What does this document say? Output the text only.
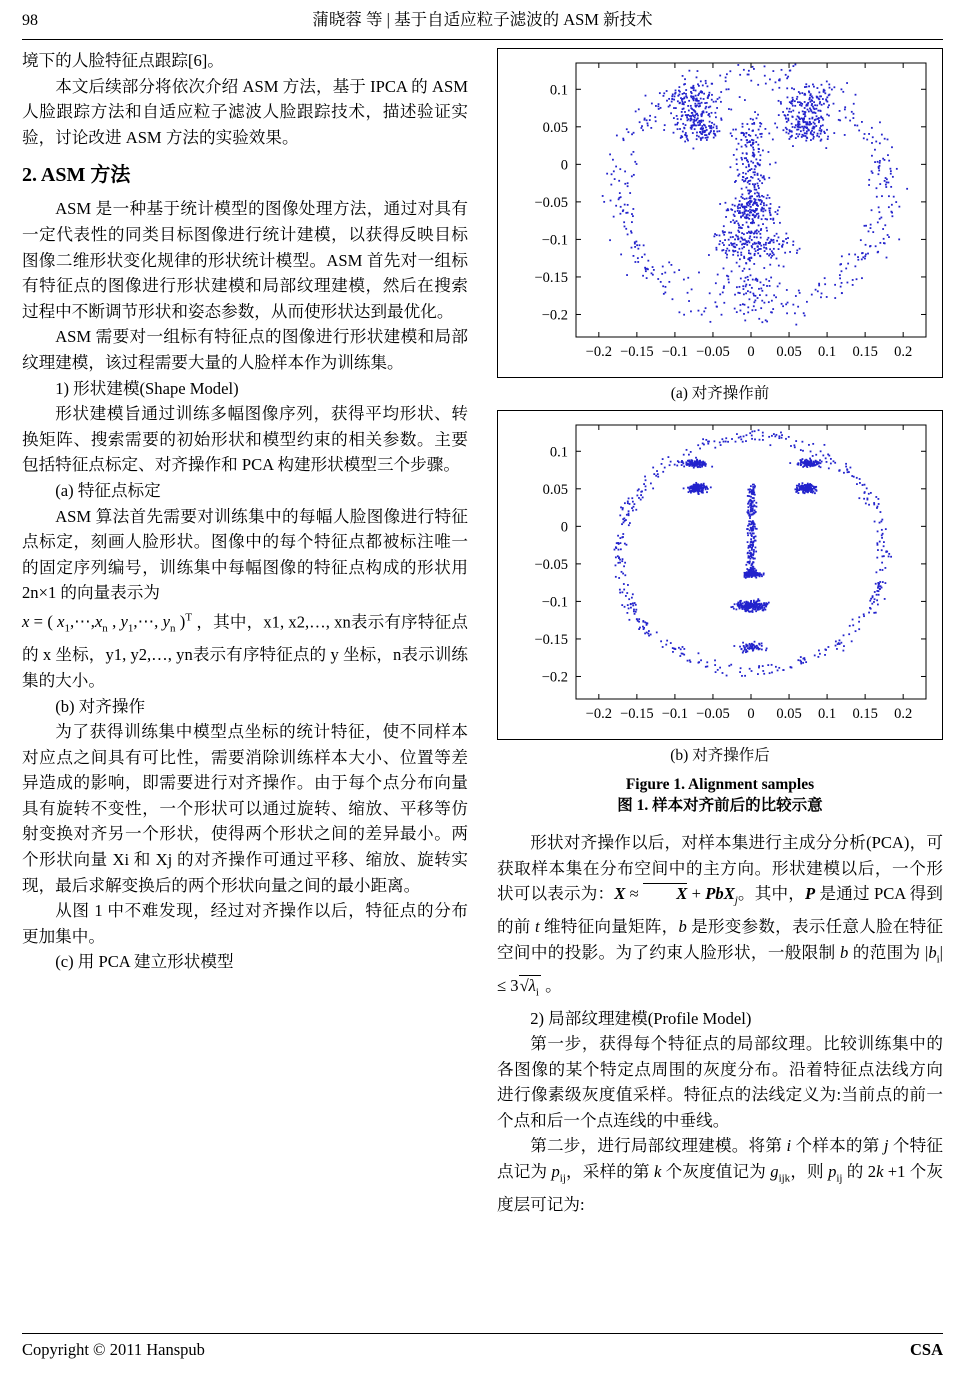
98	蒲晓蓉 等 | 基于自适应粒子滤波的 ASM 新技术

境下的人脸特征点跟踪[6]。

本文后续部分将依次介绍 ASM 方法，基于 IPCA 的 ASM 人脸跟踪方法和自适应粒子滤波人脸跟踪技术，描述验证实验，讨论改进 ASM 方法的实验效果。

2. ASM 方法

ASM 是一种基于统计模型的图像处理方法，通过对具有一定代表性的同类目标图像进行统计建模，以获得反映目标图像二维形状变化规律的形状统计模型。ASM 首先对一组标有特征点的图像进行形状建模和局部纹理建模，然后在搜索过程中不断调节形状和姿态参数，从而使形状达到最优化。

ASM 需要对一组标有特征点的图像进行形状建模和局部纹理建模，该过程需要大量的人脸样本作为训练集。

1) 形状建模(Shape Model)

形状建模旨通过训练多幅图像序列，获得平均形状、转换矩阵、搜索需要的初始形状和模型约束的相关参数。主要包括特征点标定、对齐操作和 PCA 构建形状模型三个步骤。

(a) 特征点标定

ASM 算法首先需要对训练集中的每幅人脸图像进行特征点标定，刻画人脸形状。图像中的每个特征点都被标注唯一的固定序列编号，训练集中每幅图像的特征点构成的形状用 2n×1 的向量表示为

x = ( $x_1,\cdots,x_n$ , $y_1,\cdots$, $y_n$ )$^T$ ，其中，x1, x2,…, xn表示有序特征点的 x 坐标，y1, y2,…, yn表示有序特征点的 y 坐标，n表示训练集的大小。

(b) 对齐操作

为了获得训练集中模型点坐标的统计特征，使不同样本对应点之间具有可比性，需要消除训练样本大小、位置等差异造成的影响，即需要进行对齐操作。由于每个点分布向量具有旋转不变性，一个形状可以通过旋转、缩放、平移等仿射变换对齐另一个形状，使得两个形状之间的差异最小。两个形状向量 Xi 和 Xj 的对齐操作可通过平移、缩放、旋转实现，最后求解变换后的两个形状向量之间的最小距离。

从图 1 中不难发现，经过对齐操作以后，特征点的分布更加集中。

(c) 用 PCA 建立形状模型

−0.2 −0.15 −0.1 −0.05 0 0.05 0.1 0.15 0.2
0.1
0.05
0
−0.05
−0.1
−0.15
−0.2
(a) 对齐操作前
−0.2 −0.15 −0.1 −0.05 0 0.05 0.1 0.15 0.2
0.1
0.05
0
−0.05
−0.1
−0.15
−0.2
(b) 对齐操作后
Figure 1. Alignment samples
图 1. 样本对齐前后的比较示意

形状对齐操作以后，对样本集进行主成分分析(PCA)，可获取样本集在分布空间中的主方向。形状建模以后，一个形状可以表示为：X ≈ X + PbX$_j$。其中，P 是通过 PCA 得到的前 t 维特征向量矩阵，b 是形变参数，表示任意人脸在特征空间中的投影。为了约束人脸形状，一般限制 b 的范围为 $|b_i| \le 3√\lambda_i$ 。

2) 局部纹理建模(Profile Model)

第一步，获得每个特征点的局部纹理。比较训练集中的各图像的某个特定点周围的灰度分布。沿着特征点法线方向进行像素级灰度值采样。特征点的法线定义为:当前点的前一个点和后一个点连线的中垂线。

第二步，进行局部纹理建模。将第 i 个样本的第 j 个特征点记为 $p_{ij}$，采样的第 k 个灰度值记为 $g_{ijk}$，则 $p_{ij}$ 的 2k +1 个灰度层可记为:

Copyright © 2011 Hanspub	CSA
